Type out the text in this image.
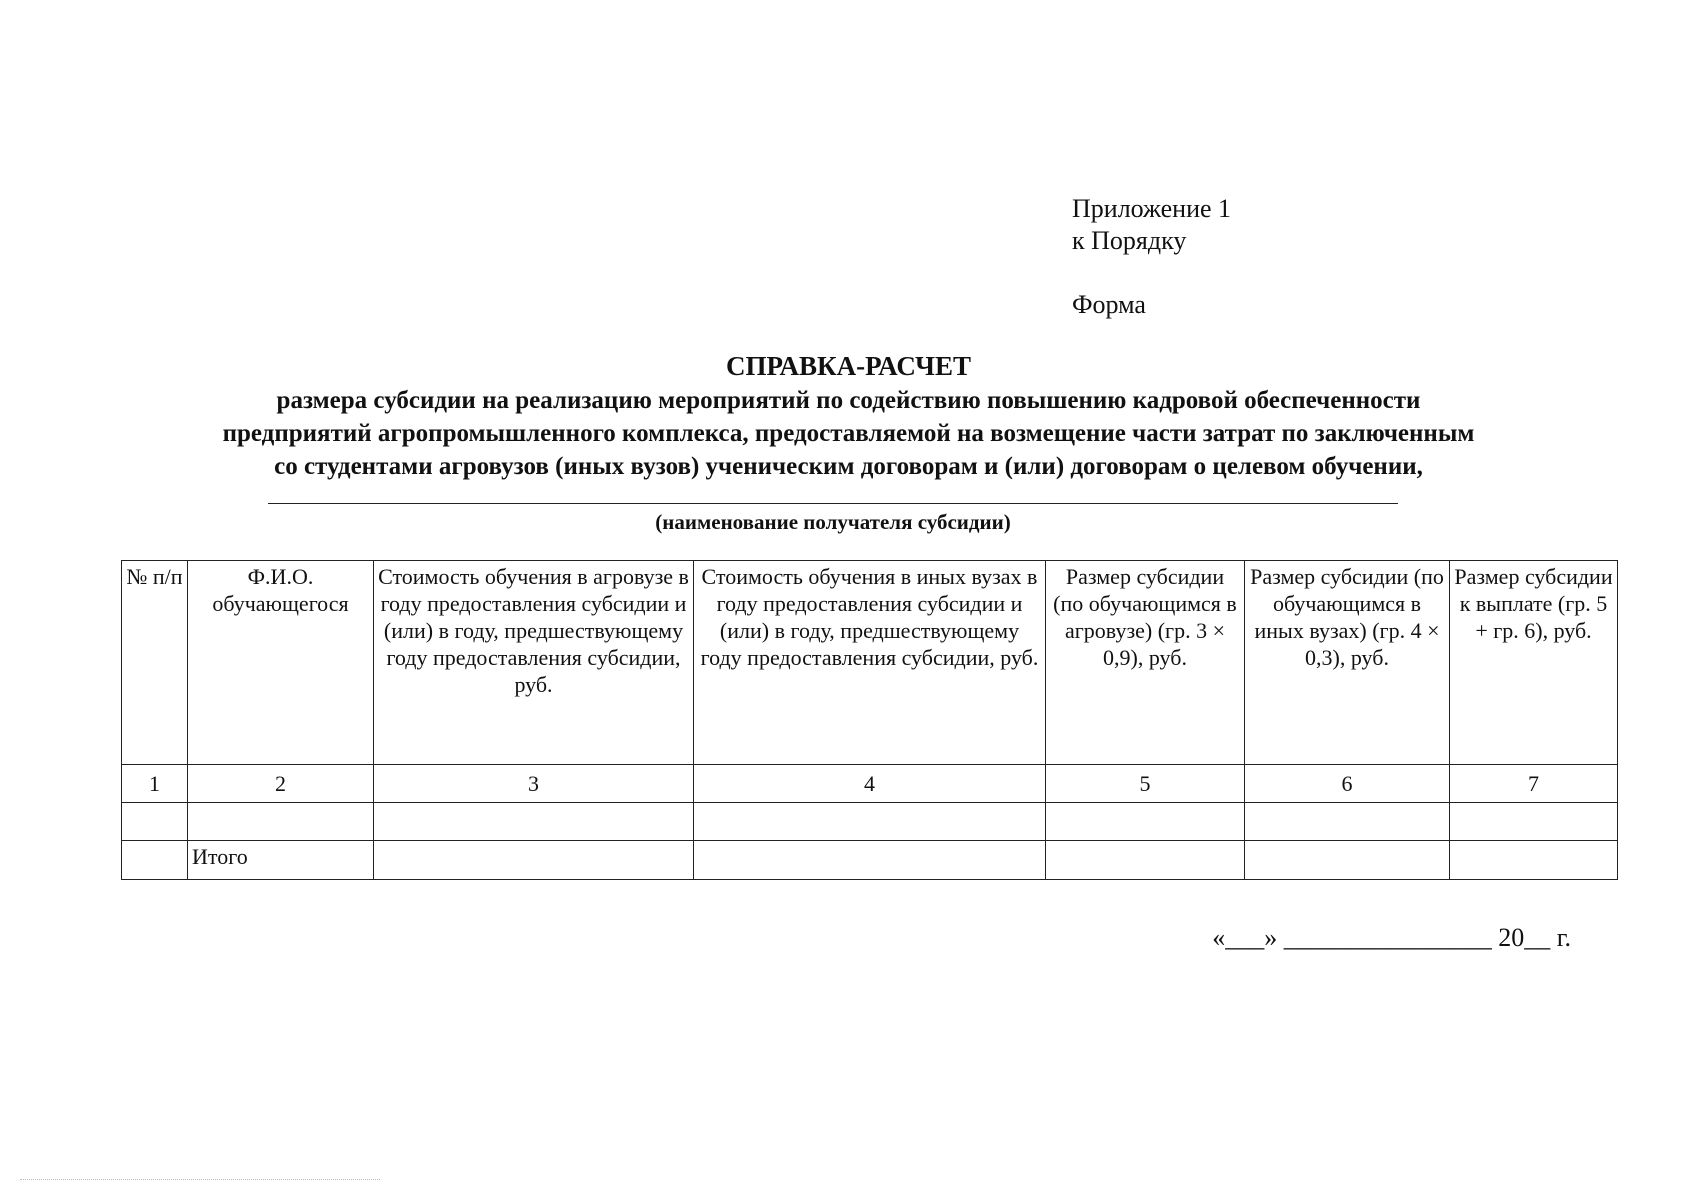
Приложение 1
к Порядку
Форма
СПРАВКА-РАСЧЕТ
размера субсидии на реализацию мероприятий по содействию повышению кадровой обеспеченности
предприятий агропромышленного комплекса, предоставляемой на возмещение части затрат по заключенным
со студентами агровузов (иных вузов) ученическим договорам и (или) договорам о целевом обучении,
(наименование получателя субсидии)
№ п/п	Ф.И.О. обучающегося	Стоимость обучения в агровузе в году предоставления субсидии и (или) в году, предшествующему году предоставления субсидии, руб.	Стоимость обучения в иных вузах в году предоставления субсидии и (или) в году, предшествующему году предоставления субсидии, руб.	Размер субсидии (по обучающимся в агровузе) (гр. 3 × 0,9), руб.	Размер субсидии (по обучающимся в иных вузах) (гр. 4 × 0,3), руб.	Размер субсидии к выплате (гр. 5 + гр. 6), руб.
1	2	3	4	5	6	7

	Итого					
«___» ________________ 20__ г.
